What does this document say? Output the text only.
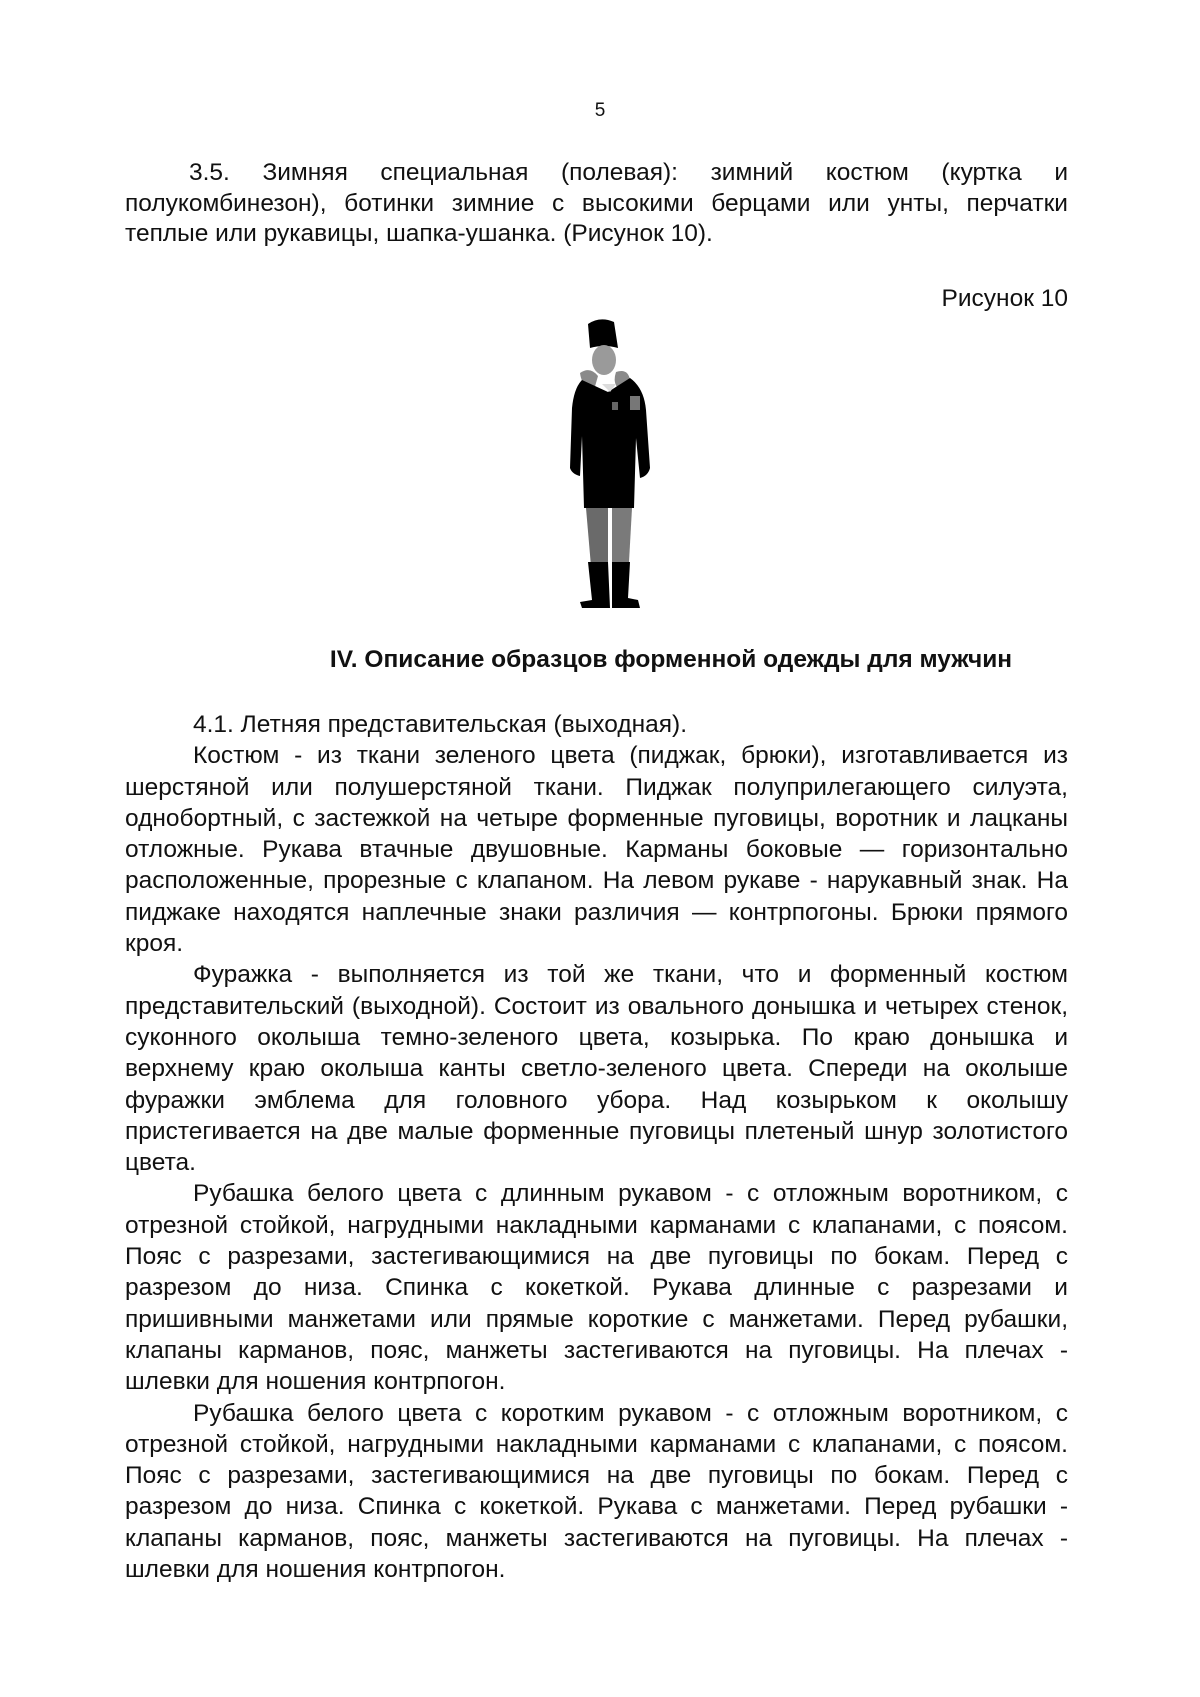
5

3.5. Зимняя специальная (полевая): зимний костюм (куртка и полукомбинезон), ботинки зимние с высокими берцами или унты, перчатки теплые или рукавицы, шапка-ушанка. (Рисунок 10).

Рисунок 10
IV. Описание образцов форменной одежды для мужчин

4.1. Летняя представительская (выходная).

Костюм - из ткани зеленого цвета (пиджак, брюки), изготавливается из шерстяной или полушерстяной ткани. Пиджак полуприлегающего силуэта, однобортный, с застежкой на четыре форменные пуговицы, воротник и лацканы отложные. Рукава втачные двушовные. Карманы боковые — горизонтально расположенные, прорезные с клапаном. На левом рукаве - нарукавный знак. На пиджаке находятся наплечные знаки различия — контрпогоны. Брюки прямого кроя.

Фуражка - выполняется из той же ткани, что и форменный костюм представительский (выходной). Состоит из овального донышка и четырех стенок, суконного околыша темно-зеленого цвета, козырька. По краю донышка и верхнему краю околыша канты светло-зеленого цвета. Спереди на околыше фуражки эмблема для головного убора. Над козырьком к околышу пристегивается на две малые форменные пуговицы плетеный шнур золотистого цвета.

Рубашка белого цвета с длинным рукавом - с отложным воротником, с отрезной стойкой, нагрудными накладными карманами с клапанами, с поясом. Пояс с разрезами, застегивающимися на две пуговицы по бокам. Перед с разрезом до низа. Спинка с кокеткой. Рукава длинные с разрезами и пришивными манжетами или прямые короткие с манжетами. Перед рубашки, клапаны карманов, пояс, манжеты застегиваются на пуговицы. На плечах - шлевки для ношения контрпогон.

Рубашка белого цвета с коротким рукавом - с отложным воротником, с отрезной стойкой, нагрудными накладными карманами с клапанами, с поясом. Пояс с разрезами, застегивающимися на две пуговицы по бокам. Перед с разрезом до низа. Спинка с кокеткой. Рукава с манжетами. Перед рубашки - клапаны карманов, пояс, манжеты застегиваются на пуговицы. На плечах - шлевки для ношения контрпогон.
